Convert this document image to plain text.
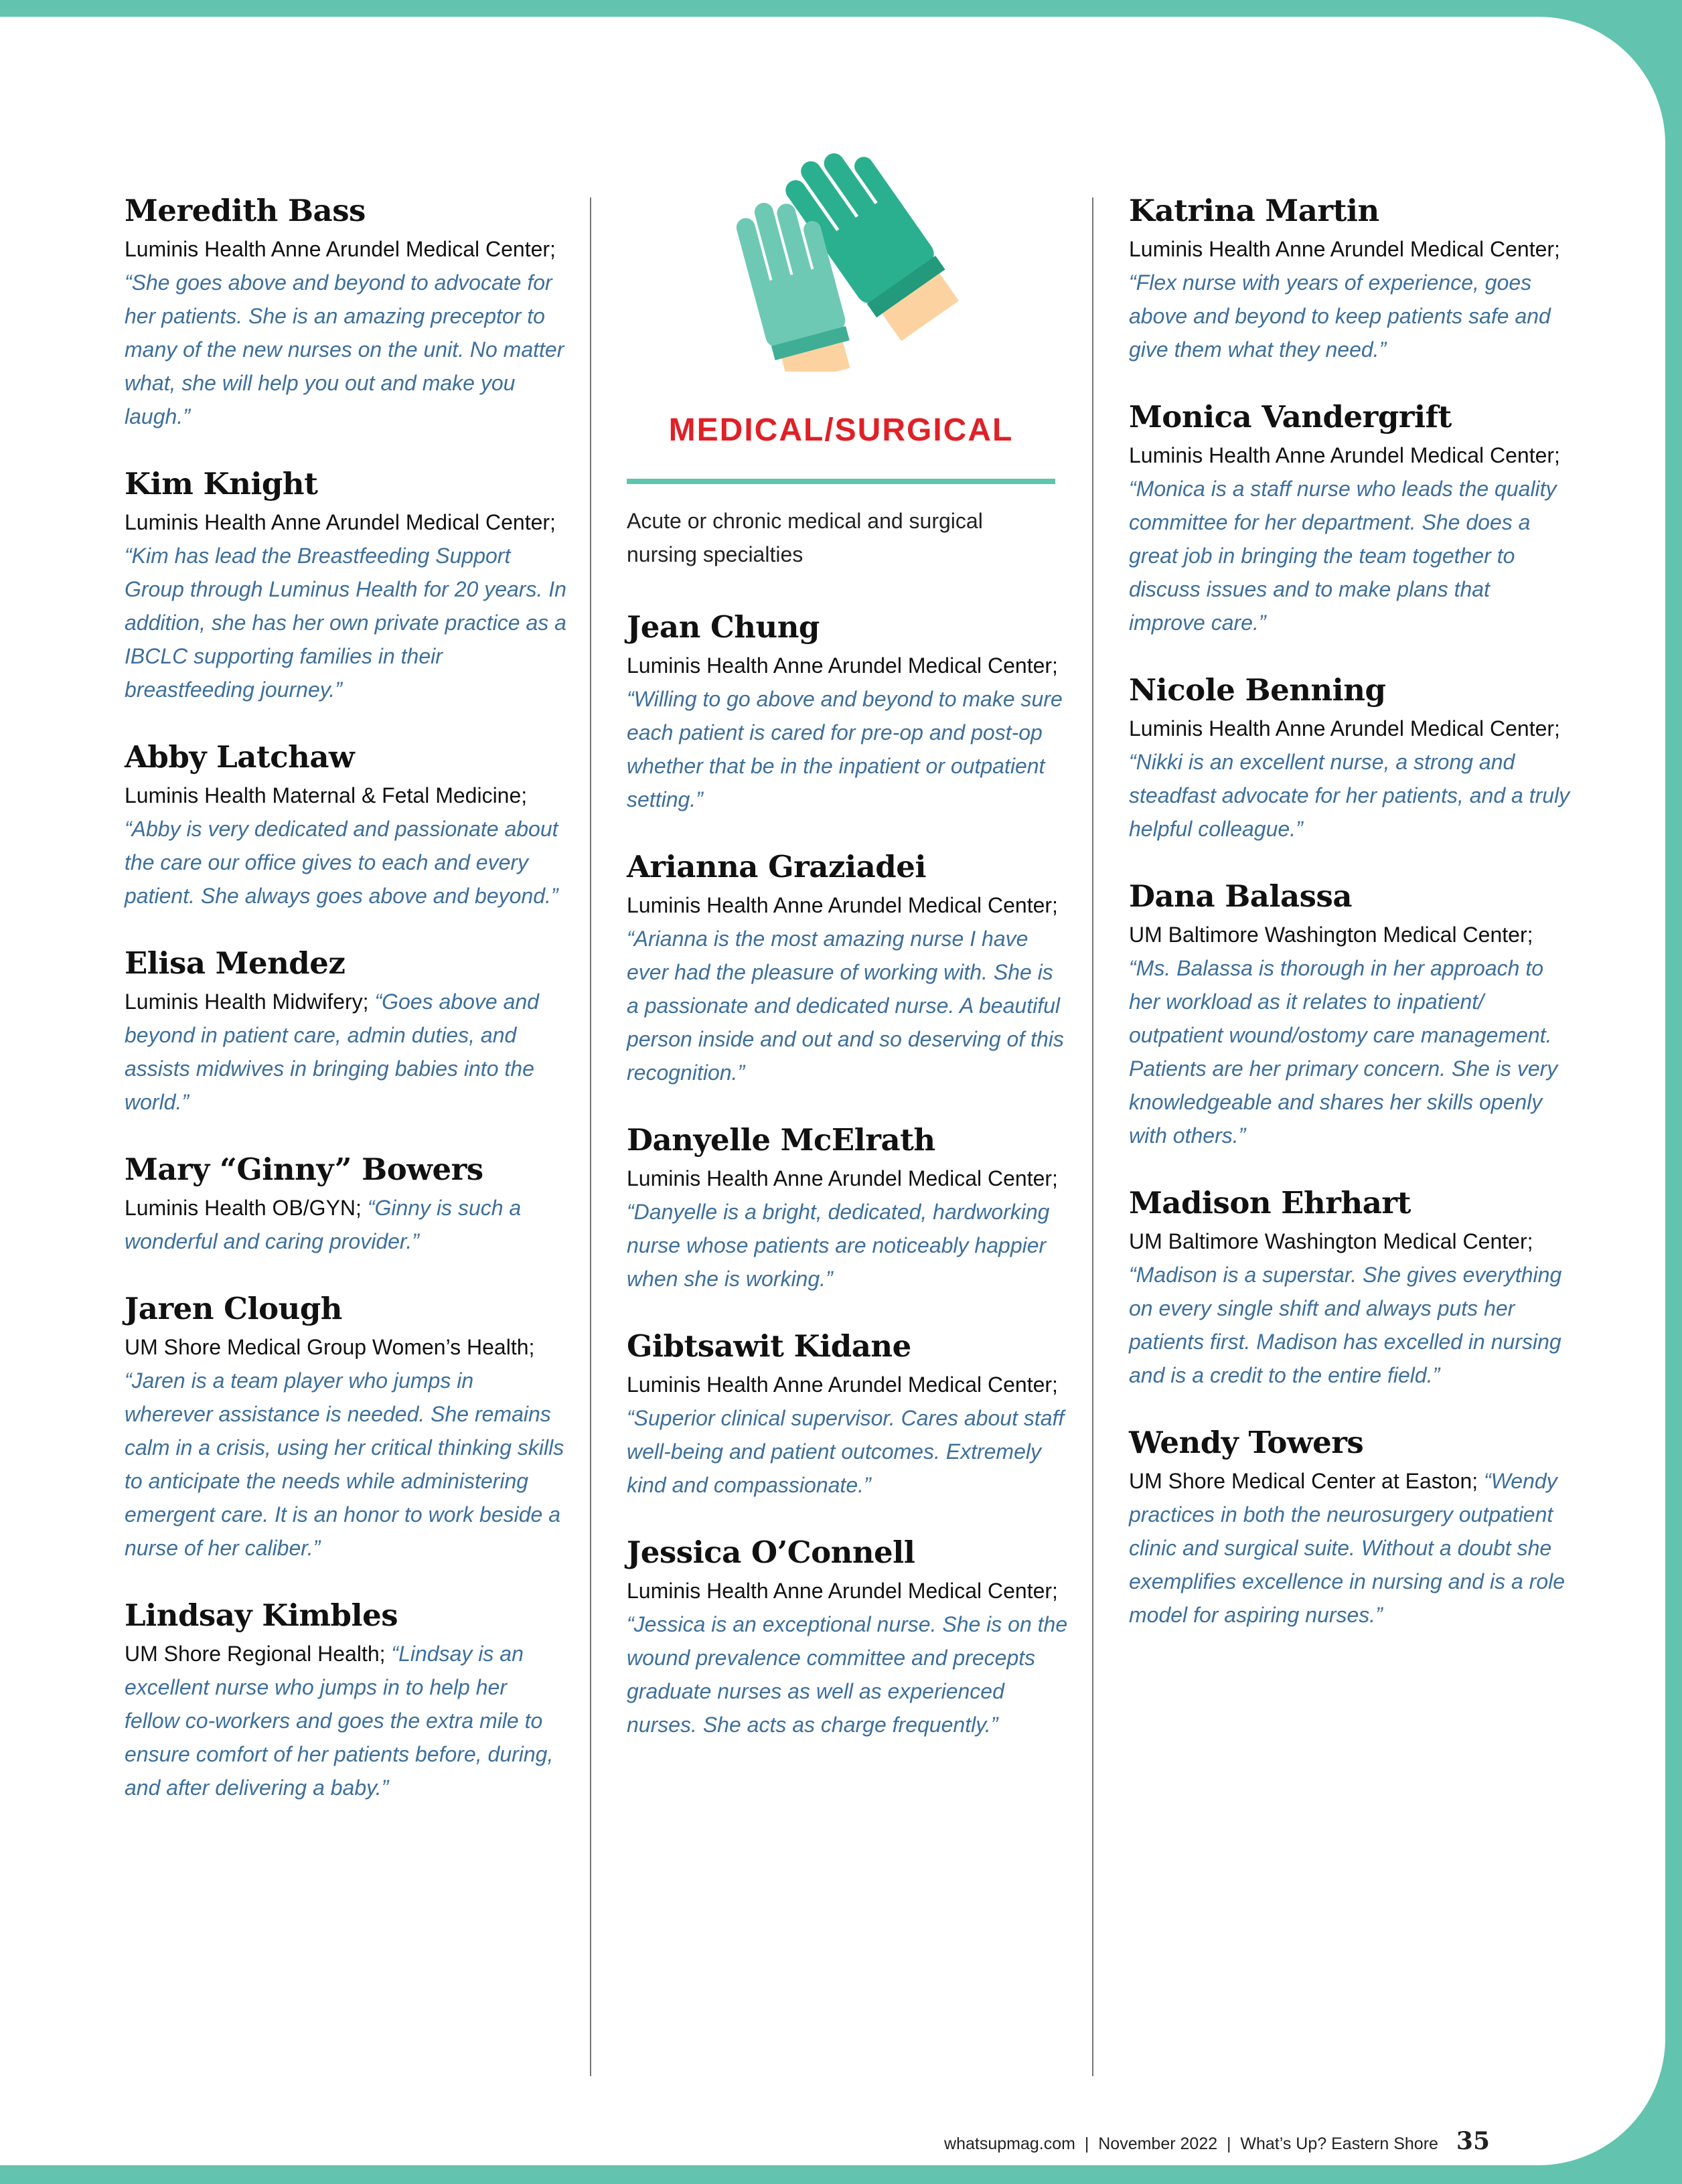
MEDICAL/SURGICAL
Acute or chronic medical and surgical nursing specialties
Meredith Bass
Luminis Health Anne Arundel Medical Center; “She goes above and beyond to advocate for her patients. She is an amazing preceptor to many of the new nurses on the unit. No matter what, she will help you out and make you laugh.”
Kim Knight
Luminis Health Anne Arundel Medical Center; “Kim has lead the Breastfeeding Support Group through Luminus Health for 20 years. In addition, she has her own private practice as a IBCLC supporting families in their breastfeeding journey.”
Abby Latchaw
Luminis Health Maternal & Fetal Medicine; “Abby is very dedicated and passionate about the care our office gives to each and every patient. She always goes above and beyond.”
Elisa Mendez
Luminis Health Midwifery; “Goes above and beyond in patient care, admin duties, and assists midwives in bringing babies into the world.”
Mary “Ginny” Bowers
Luminis Health OB/GYN; “Ginny is such a wonderful and caring provider.”
Jaren Clough
UM Shore Medical Group Women’s Health; “Jaren is a team player who jumps in wherever assistance is needed. She remains calm in a crisis, using her critical thinking skills to anticipate the needs while administering emergent care. It is an honor to work beside a nurse of her caliber.”
Lindsay Kimbles
UM Shore Regional Health; “Lindsay is an excellent nurse who jumps in to help her fellow co-workers and goes the extra mile to ensure comfort of her patients before, during, and after delivering a baby.”
Jean Chung
Luminis Health Anne Arundel Medical Center; “Willing to go above and beyond to make sure each patient is cared for pre-op and post-op whether that be in the inpatient or outpatient setting.”
Arianna Graziadei
Luminis Health Anne Arundel Medical Center; “Arianna is the most amazing nurse I have ever had the pleasure of working with. She is a passionate and dedicated nurse. A beautiful person inside and out and so deserving of this recognition.”
Danyelle McElrath
Luminis Health Anne Arundel Medical Center; “Danyelle is a bright, dedicated, hardworking nurse whose patients are noticeably happier when she is working.”
Gibtsawit Kidane
Luminis Health Anne Arundel Medical Center; “Superior clinical supervisor. Cares about staff well-being and patient outcomes. Extremely kind and compassionate.”
Jessica O’Connell
Luminis Health Anne Arundel Medical Center; “Jessica is an exceptional nurse. She is on the wound prevalence committee and precepts graduate nurses as well as experienced nurses. She acts as charge frequently.”
Katrina Martin
Luminis Health Anne Arundel Medical Center; “Flex nurse with years of experience, goes above and beyond to keep patients safe and give them what they need.”
Monica Vandergrift
Luminis Health Anne Arundel Medical Center; “Monica is a staff nurse who leads the quality committee for her department. She does a great job in bringing the team together to discuss issues and to make plans that improve care.”
Nicole Benning
Luminis Health Anne Arundel Medical Center; “Nikki is an excellent nurse, a strong and steadfast advocate for her patients, and a truly helpful colleague.”
Dana Balassa
UM Baltimore Washington Medical Center; “Ms. Balassa is thorough in her approach to her workload as it relates to inpatient/ outpatient wound/ostomy care management. Patients are her primary concern. She is very knowledgeable and shares her skills openly with others.”
Madison Ehrhart
UM Baltimore Washington Medical Center; “Madison is a superstar. She gives everything on every single shift and always puts her patients first. Madison has excelled in nursing and is a credit to the entire field.”
Wendy Towers
UM Shore Medical Center at Easton; “Wendy practices in both the neurosurgery outpatient clinic and surgical suite. Without a doubt she exemplifies excellence in nursing and is a role model for aspiring nurses.”
whatsupmag.com  |  November 2022  |  What’s Up? Eastern Shore 35
